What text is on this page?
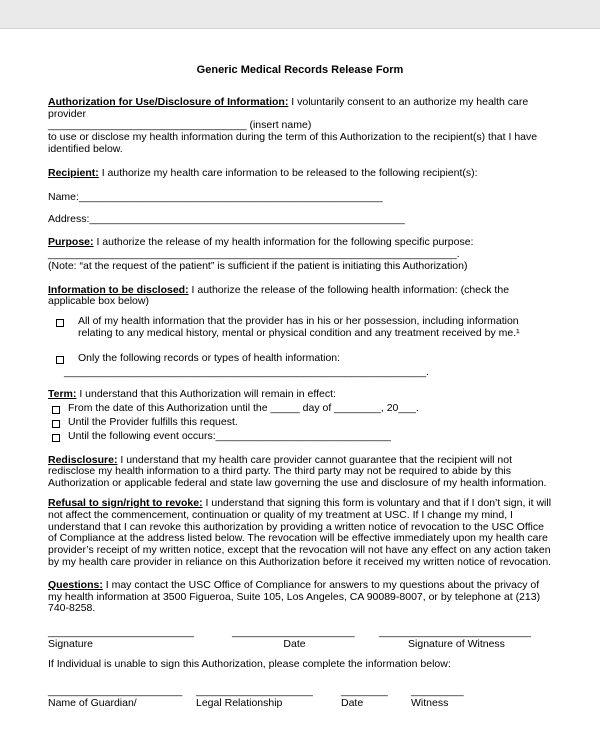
Generic Medical Records Release Form

Authorization for Use/Disclosure of Information: I voluntarily consent to an authorize my health care provider
__________________________________ (insert name)
to use or disclose my health information during the term of this Authorization to the recipient(s) that I have identified below.

Recipient: I authorize my health care information to be released to the following recipient(s):

Name:____________________________________________________

Address:______________________________________________________

Purpose: I authorize the release of my health information for the following specific purpose:
______________________________________________________________________.
(Note: “at the request of the patient” is sufficient if the patient is initiating this Authorization)

Information to be disclosed: I authorize the release of the following health information: (check the applicable box below)

All of my health information that the provider has in his or her possession, including information relating to any medical history, mental or physical condition and any treatment received by me.¹
Only the following records or types of health information:
______________________________________________________________.

Term: I understand that this Authorization will remain in effect:

From the date of this Authorization until the _____ day of ________, 20___.
Until the Provider fulfills this request.
Until the following event occurs:______________________________

Redisclosure: I understand that my health care provider cannot guarantee that the recipient will not redisclose my health information to a third party. The third party may not be required to abide by this Authorization or applicable federal and state law governing the use and disclosure of my health information.

Refusal to sign/right to revoke: I understand that signing this form is voluntary and that if I don’t sign, it will not affect the commencement, continuation or quality of my treatment at USC. If I change my mind, I understand that I can revoke this authorization by providing a written notice of revocation to the USC Office of Compliance at the address listed below. The revocation will be effective immediately upon my health care provider’s receipt of my written notice, except that the revocation will not have any effect on any action taken by my health care provider in reliance on this Authorization before it received my written notice of revocation.

Questions: I may contact the USC Office of Compliance for answers to my questions about the privacy of my health information at 3500 Figueroa, Suite 105, Los Angeles, CA 90089-8007, or by telephone at (213) 740-8258.

_________________________	_____________________ __________________________
Signature	Date	Signature of Witness

If Individual is unable to sign this Authorization, please complete the information below:

_______________________	____________________	________	_________
Name of Guardian/	Legal Relationship	Date	Witness
